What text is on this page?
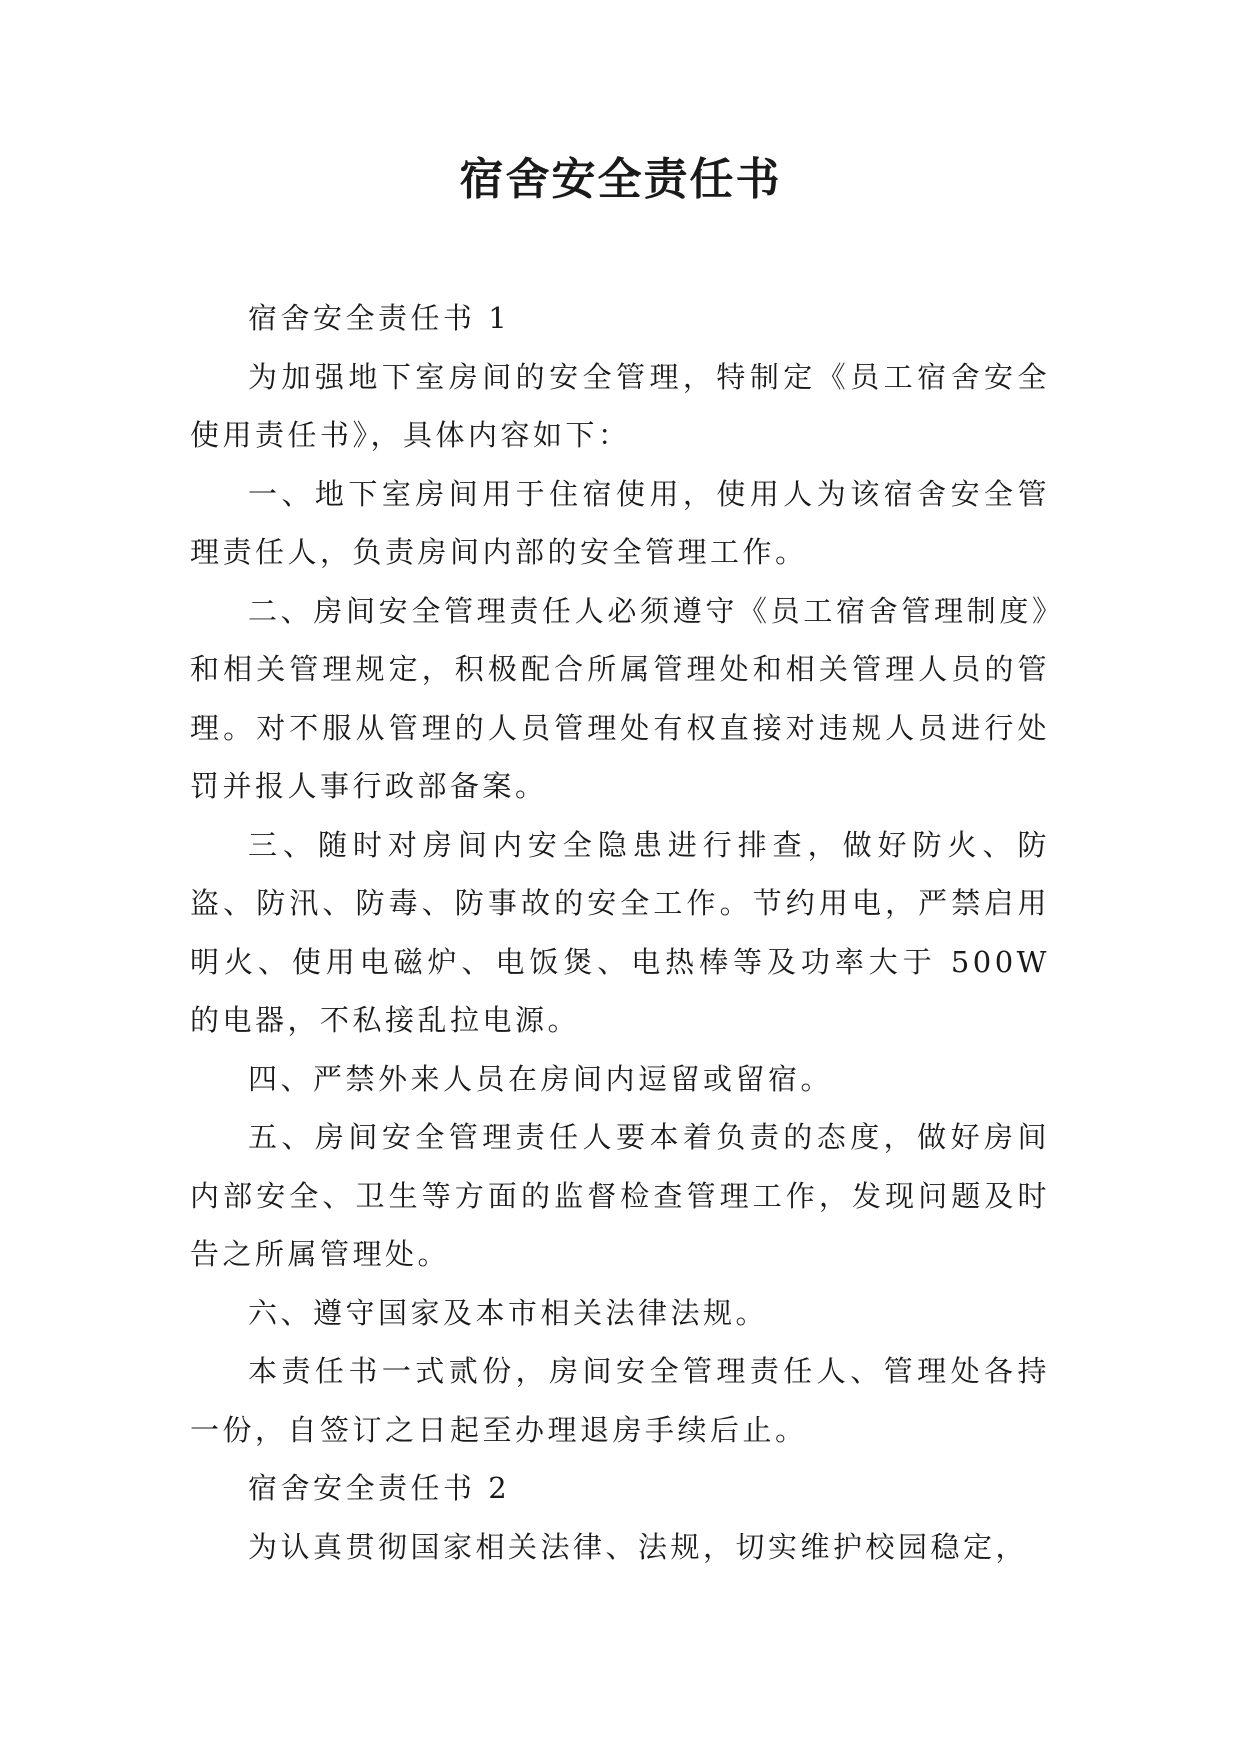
宿舍安全责任书

宿舍安全责任书 1

为加强地下室房间的安全管理，特制定《员工宿舍安全使用责任书》，具体内容如下：

一、地下室房间用于住宿使用，使用人为该宿舍安全管理责任人，负责房间内部的安全管理工作。

二、房间安全管理责任人必须遵守《员工宿舍管理制度》和相关管理规定，积极配合所属管理处和相关管理人员的管理。对不服从管理的人员管理处有权直接对违规人员进行处罚并报人事行政部备案。

三、随时对房间内安全隐患进行排查，做好防火、防盗、防汛、防毒、防事故的安全工作。节约用电，严禁启用明火、使用电磁炉、电饭煲、电热棒等及功率大于 500W 的电器，不私接乱拉电源。

四、严禁外来人员在房间内逗留或留宿。

五、房间安全管理责任人要本着负责的态度，做好房间内部安全、卫生等方面的监督检查管理工作，发现问题及时告之所属管理处。

六、遵守国家及本市相关法律法规。

本责任书一式贰份，房间安全管理责任人、管理处各持一份，自签订之日起至办理退房手续后止。

宿舍安全责任书 2

为认真贯彻国家相关法律、法规，切实维护校园稳定，
